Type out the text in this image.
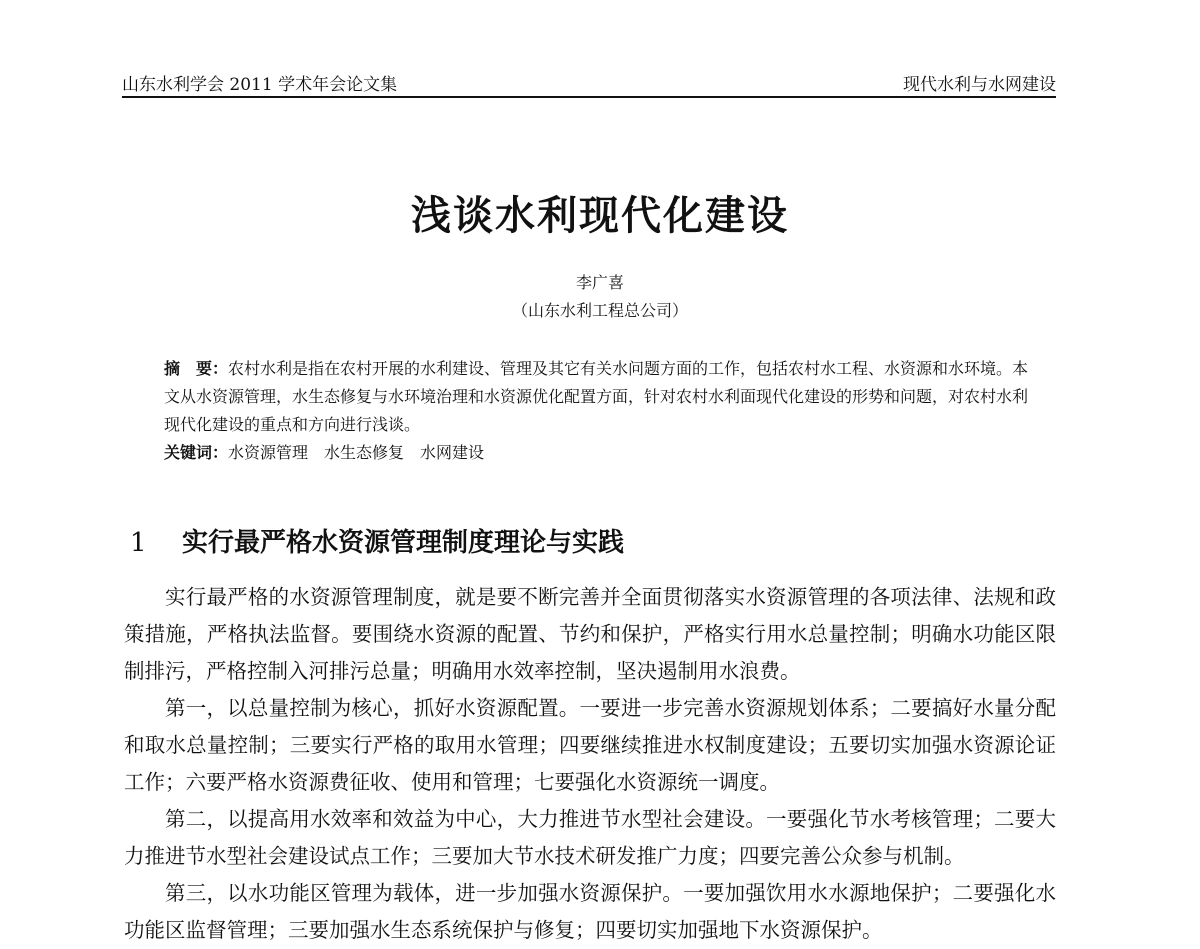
山东水利学会 2011 学术年会论文集	现代水利与水网建设
浅谈水利现代化建设
李广喜
（山东水利工程总公司）

摘　要：农村水利是指在农村开展的水利建设、管理及其它有关水问题方面的工作，包括农村水工程、水资源和水环境。本文从水资源管理，水生态修复与水环境治理和水资源优化配置方面，针对农村水利面现代化建设的形势和问题，对农村水利现代化建设的重点和方向进行浅谈。

关键词：水资源管理　水生态修复　水网建设

1 实行最严格水资源管理制度理论与实践

实行最严格的水资源管理制度，就是要不断完善并全面贯彻落实水资源管理的各项法律、法规和政策措施，严格执法监督。要围绕水资源的配置、节约和保护，严格实行用水总量控制；明确水功能区限制排污，严格控制入河排污总量；明确用水效率控制，坚决遏制用水浪费。

第一，以总量控制为核心，抓好水资源配置。一要进一步完善水资源规划体系；二要搞好水量分配和取水总量控制；三要实行严格的取用水管理；四要继续推进水权制度建设；五要切实加强水资源论证工作；六要严格水资源费征收、使用和管理；七要强化水资源统一调度。

第二，以提高用水效率和效益为中心，大力推进节水型社会建设。一要强化节水考核管理；二要大力推进节水型社会建设试点工作；三要加大节水技术研发推广力度；四要完善公众参与机制。

第三，以水功能区管理为载体，进一步加强水资源保护。一要加强饮用水水源地保护；二要强化水功能区监督管理；三要加强水生态系统保护与修复；四要切实加强地下水资源保护。
